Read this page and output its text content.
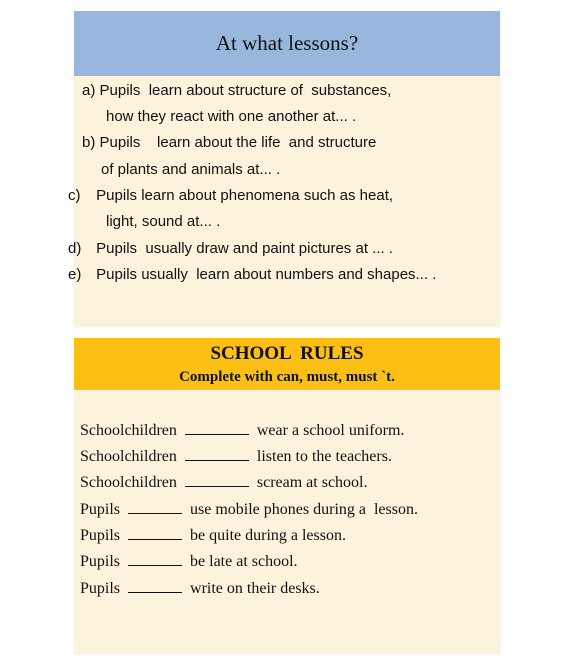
At what lessons?
a) Pupils  learn about structure of  substances,
how they react with one another at... .
b) Pupils    learn about the life  and structure
of plants and animals at... .
c) Pupils learn about phenomena such as heat,
light, sound at... .
d) Pupils  usually draw and paint pictures at ... .
e) Pupils usually  learn about numbers and shapes... .
SCHOOL  RULES
Complete with can, must, must `t.
Schoolchildren	wear a school uniform.
Schoolchildren	listen to the teachers.
Schoolchildren	scream at school.
Pupils	use mobile phones during a  lesson.
Pupils	be quite during a lesson.
Pupils	be late at school.
Pupils	write on their desks.
